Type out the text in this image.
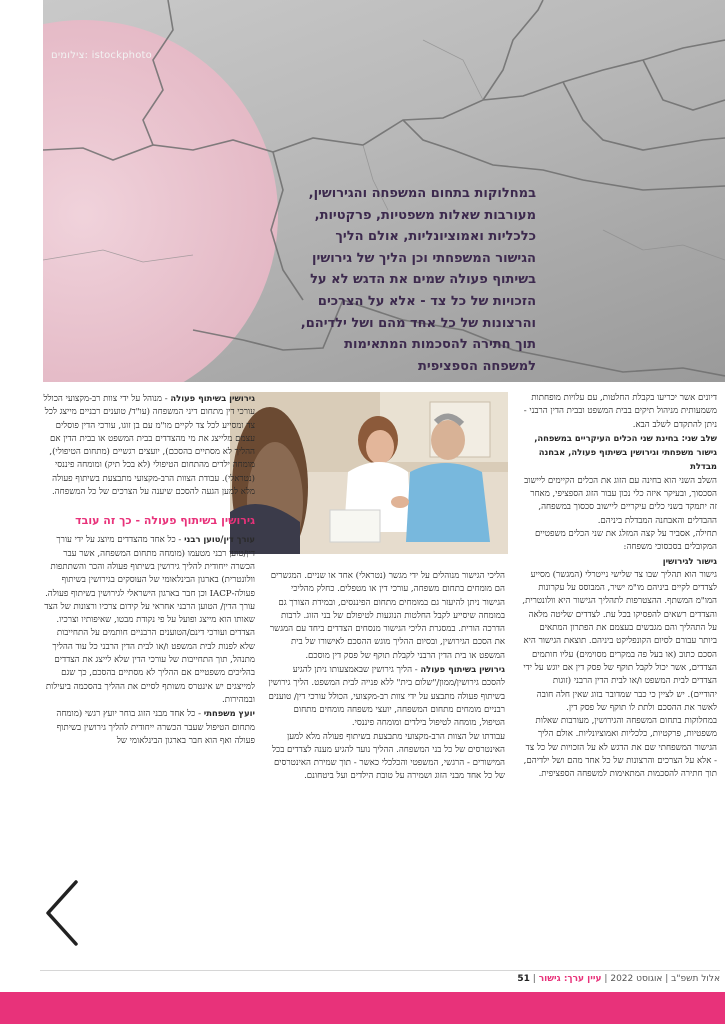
צילומים: istockphoto
במחלוקות בתחום המשפחה והגירושין,
מעורבות שאלות משפטיות, פרקטיות,
כלכליות ואמוציונליות, אולם הליך
הגישור המשפחתי וכן הליך של גירושין
בשיתוף פעולה שמים את הדגש לא על
הזכויות של כל צד - אלא על הצרכים
והרצונות של כל אחד מהם ושל ילדיהם,
תוך חתירה להסכמות המתאימות
למשפחה הספציפית

דיונים אשר יכריעו בקבלת החלטות, עם עלויות מופחתות משמעותית מניהול תיקים בבית המשפט ובבית הדין הרבני - ניתן להתקדם לשלב הבא.

שלב שני: בחינת שני הכלים העיקריים במשפחה, גישור משפחתי וגירושין בשיתוף פעולה, אבחנה מבדלת

השלב השני הוא בחינה עם הזוג את הכלים הקיימים ליישוב הסכסוך, ובעיקר איזה כלי נכון עבור הזוג הספציפי, מאחר זה יתמקד בשני כלים עיקריים ליישוב סכסוך במשפחה, ההבדלים והאבחנה המבדלת ביניהם.

תחילה, אסביר על קצה המזלג את שני הכלים משפטיים המקובלים בסכסוכי משפחה:

גישור לגירושין

גישור הוא תהליך שבו צד שלישי נייטרלי (המגשר) מסייע לצדדים לקיים ביניהם מו"מ ישיר, המבוסס על עקרונות המו"מ המשתף. ההצטרפות לתהליך הגישור היא וולונטרית, והצדדים רשאים להפסיקו בכל עת. לצדדים שליטה מלאה על התהליך והם מגבשים בעצמם את הפתרון המתאים ביותר עבורם לסיום הקונפליקט ביניהם. תוצאת הגישור היא הסכם כתוב (או בעל פה במקרים מסוימים) עליו חותמים הצדדים, אשר יכול לקבל תוקף של פסק דין אם יוגש על ידי הצדדים לבית המשפט ו/או לבית הדין הרבני (זוגות יהודיים). יש לציין כי כבר שמדובר בזוג שאין חלה חובה לאשר את ההסכם ולתת לו תוקף של פסק דין.

במחלוקות בתחום המשפחה והגירושין, מעורבות שאלות משפטיות, פרקטיות, כלכליות ואמוציונליות. אולם הליך הגישור המשפחתי שם את הדגש לא על הזכויות של כל צד - אלא על הצרכים והרצונות של כל אחד מהם ושל ילדיהם, תוך חתירה להסכמות המתאימות למשפחה הספציפית.

הליכי הגישור מנוהלים על ידי מגשר (נטראלי) אחד או שניים. המגשרים הם מומחים בתחום משפחה, עורכי דין או מטפלים. כחלק מהליכי הגישור ניתן להיעזר גם במומחים מתחום הפיננסים, ובמידת הצורך גם במומחה שיסייע לקבל החלטות הנוגעות לטיפולם של בני הזוג. לרבות הדרכה הורית. במסגרת הליכי הגישור מנסחים הצדדים ביחד עם המגשר את הסכם הגירושין, ובסיום ההליך מוגש ההסכם לאישורו של בית המשפט או בית הדין הרבני לקבלת תוקף של פסק דין מוסכם.

גירושין בשיתוף פעולה - הליך גירושין שבאמצעותו ניתן להגיע להסכם גירושין/ממון/"שלום בית" ללא פנייה לבית המשפט. הליך גירושין בשיתוף פעולה מתבצע על ידי צוות רב-מקצועי, הכולל עורכי דין/ טוענים רבניים מומחים מתחום המשפחה, יועצי משפחה מומחים מתחום הטיפול, מומחה לטיפול בילדים ומומחה פיננסי.

עבודתו של הצוות הרב-מקצועי מתבצעת בשיתוף פעולה מלא למען האינטרסים של כל בני המשפחה. ההליך נועד להגיע מענה לצדדים בכל המישורים - הרגשי, המשפטי והכלכלי כאשר - תוך שמירת האינטרסים של כל אחד מבני הזוג ושמירה על טובת הילדים ועל ביטחונם.

גירושין בשיתוף פעולה - מנוהל על ידי צוות רב-מקצועי הכולל עורכי דין מתחום דיני המשפחה (עו"ד/ טוענים רבניים מייצג לכל צד ומסייע לכל צד לקיים מו"מ עם בן זוגו, עורכי הדין פוסלים עצמם מלייצג את מי מהצדדים בבית המשפט או בבית הדין אם ההליך לא מסתיים בהסכם), יועצים רגשיים (מתחום הטיפולי), מומחה ילדים מהתחום הטיפולי (לא בכל תיק) ומומחה פיננסי (נטראלי). עבודת הצוות הרב-מקצועי מתבצעת בשיתוף פעולה מלא למען הגעה להסכם שיענה על הצרכים של כל המשפחה.

גירושין בשיתוף פעולה - כך זה עובד

עורך דין/טוען רבני - כל אחד מהצדדים מיוצג על ידי עורך דין/טוען רבני מטעמו (מומחה מתחום המשפחה, אשר עבר הכשרה ייחודית להליך גירושין בשיתוף פעולה והכר והשתתפות וולונטרית) בארגון הבינלאומי של העוסקים בגירושין בשיתוף פעולה-IACP וכן חבר בארגון הישראלי לגירושין בשיתוף פעולה. עורך הדין/ הטוען הרבני אחראי על קידום צרכיו ורצונות של הצד שאותו הוא מייצג ופועל על פי נקודת מבטו, שאיפותיו וצרכיו.

הצדדים ועורכי דינם/הטוענים הרבניים חותמים על התחייבות שלא לפנות לבית המשפט ו/או לבית הדין הרבני כל עוד ההליך מתנהל, תוך התחייבות של עורכי הדין שלא לייצג את הצדדים בהליכים משפטיים אם ההליך לא מסתיים בהסכם, כך שגם למייצגים יש אינטרס משותף לסיים את ההליך בהסכמה ביעילות ובמהירות.

יועץ משפחתי - כל אחד מבני הזוג בוחר יועץ רגשי (מומחה מתחום הטיפול שעבר הכשרה ייחודית להליך גירושין בשיתוף פעולה ואף הוא חבר בארגון הבינלאומי של

אלול תשפ"ב | אוגוסט 2022 | עיין ערך: גישור | 51
